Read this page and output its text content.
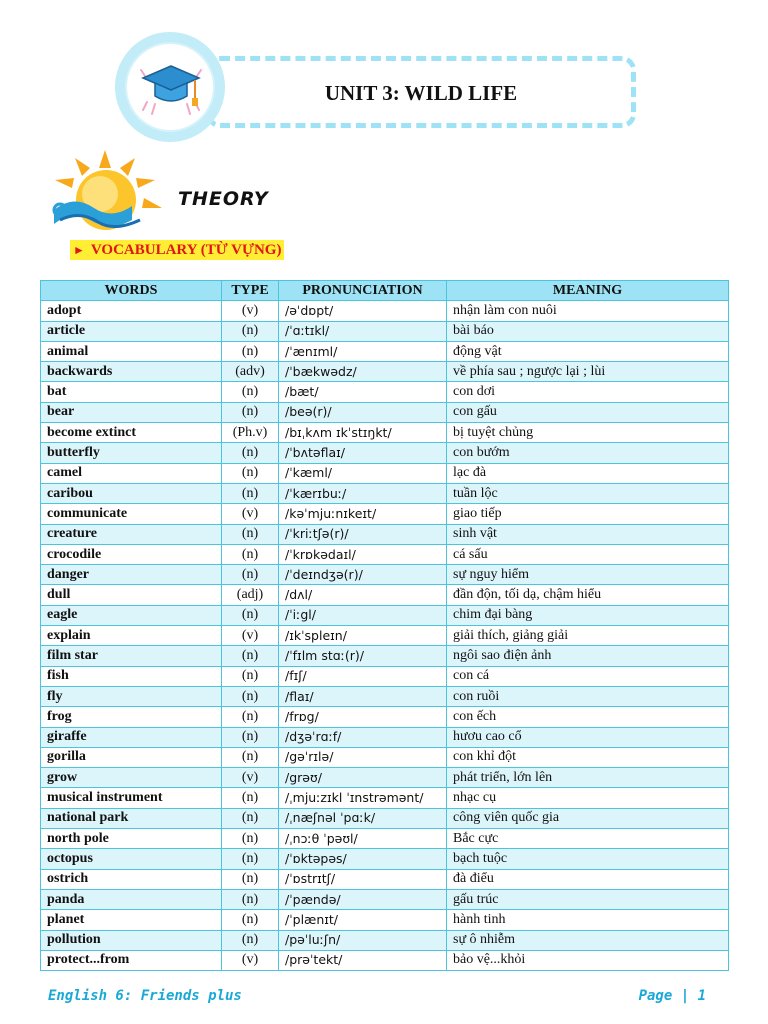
UNIT 3: WILD LIFE
THEORY
► VOCABULARY (TỪ VỰNG)
WORDS	TYPE	PRONUNCIATION	MEANING
adopt	(v)	/əˈdɒpt/	nhận làm con nuôi
article	(n)	/ˈɑːtɪkl/	bài báo
animal	(n)	/ˈænɪml/	động vật
backwards	(adv)	/ˈbækwədz/	về phía sau ; ngược lại ; lùi
bat	(n)	/bæt/	con dơi
bear	(n)	/beə(r)/	con gấu
become extinct	(Ph.v)	/bɪˌkʌm ɪkˈstɪŋkt/	bị tuyệt chủng
butterfly	(n)	/ˈbʌtəflaɪ/	con bướm
camel	(n)	/ˈkæml/	lạc đà
caribou	(n)	/ˈkærɪbuː/	tuần lộc
communicate	(v)	/kəˈmjuːnɪkeɪt/	giao tiếp
creature	(n)	/ˈkriːtʃə(r)/	sinh vật
crocodile	(n)	/ˈkrɒkədaɪl/	cá sấu
danger	(n)	/ˈdeɪndʒə(r)/	sự nguy hiểm
dull	(adj)	/dʌl/	đần độn, tối dạ, chậm hiểu
eagle	(n)	/ˈiːgl/	chim đại bàng
explain	(v)	/ɪkˈspleɪn/	giải thích, giảng giải
film star	(n)	/ˈfɪlm stɑː(r)/	ngôi sao điện ảnh
fish	(n)	/fɪʃ/	con cá
fly	(n)	/flaɪ/	con ruồi
frog	(n)	/frɒg/	con ếch
giraffe	(n)	/dʒəˈrɑːf/	hươu cao cổ
gorilla	(n)	/gəˈrɪlə/	con khỉ đột
grow	(v)	/grəʊ/	phát triển, lớn lên
musical instrument	(n)	/ˌmjuːzɪkl ˈɪnstrəmənt/	nhạc cụ
national park	(n)	/ˌnæʃnəl ˈpɑːk/	công viên quốc gia
north pole	(n)	/ˌnɔːθ ˈpəʊl/	Bắc cực
octopus	(n)	/ˈɒktəpəs/	bạch tuộc
ostrich	(n)	/ˈɒstrɪtʃ/	đà điểu
panda	(n)	/ˈpændə/	gấu trúc
planet	(n)	/ˈplænɪt/	hành tinh
pollution	(n)	/pəˈluːʃn/	sự ô nhiễm
protect...from	(v)	/prəˈtekt/	bảo vệ...khỏi
English 6: Friends plus	Page | 1
